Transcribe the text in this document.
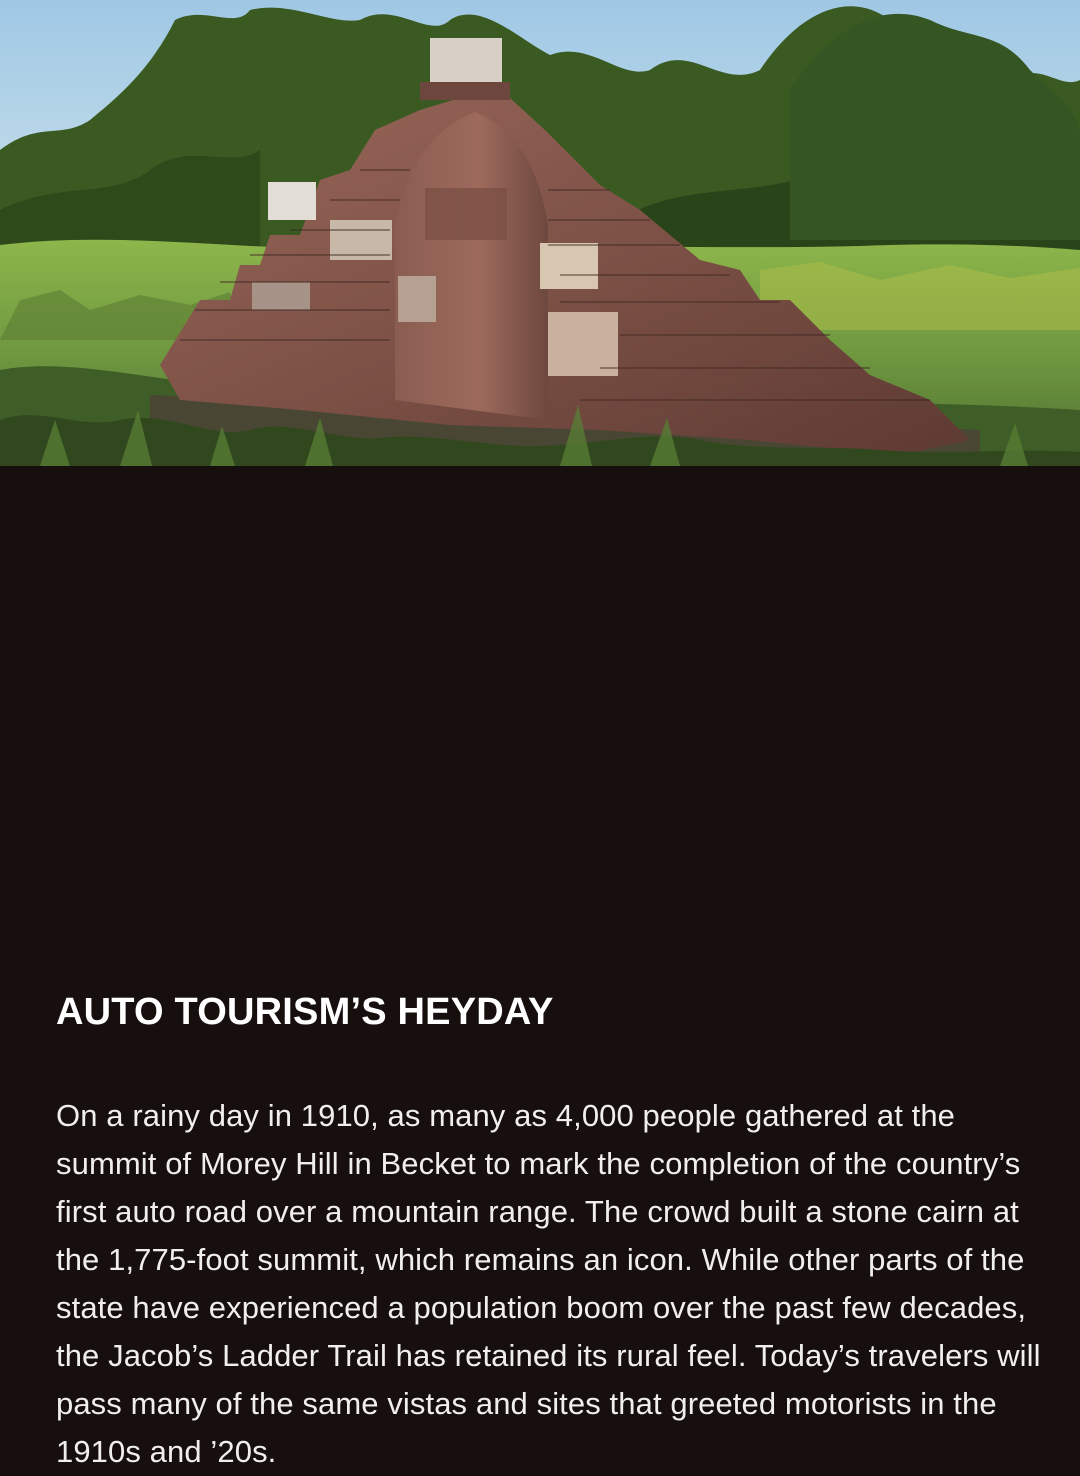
AUTO TOURISM’S HEYDAY

On a rainy day in 1910, as many as 4,000 people gathered at the summit of Morey Hill in Becket to mark the completion of the country’s first auto road over a mountain range. The crowd built a stone cairn at the 1,775-foot summit, which remains an icon. While other parts of the state have experienced a population boom over the past few decades, the Jacob’s Ladder Trail has retained its rural feel. Today’s travelers will pass many of the same vistas and sites that greeted motorists in the 1910s and ’20s.
